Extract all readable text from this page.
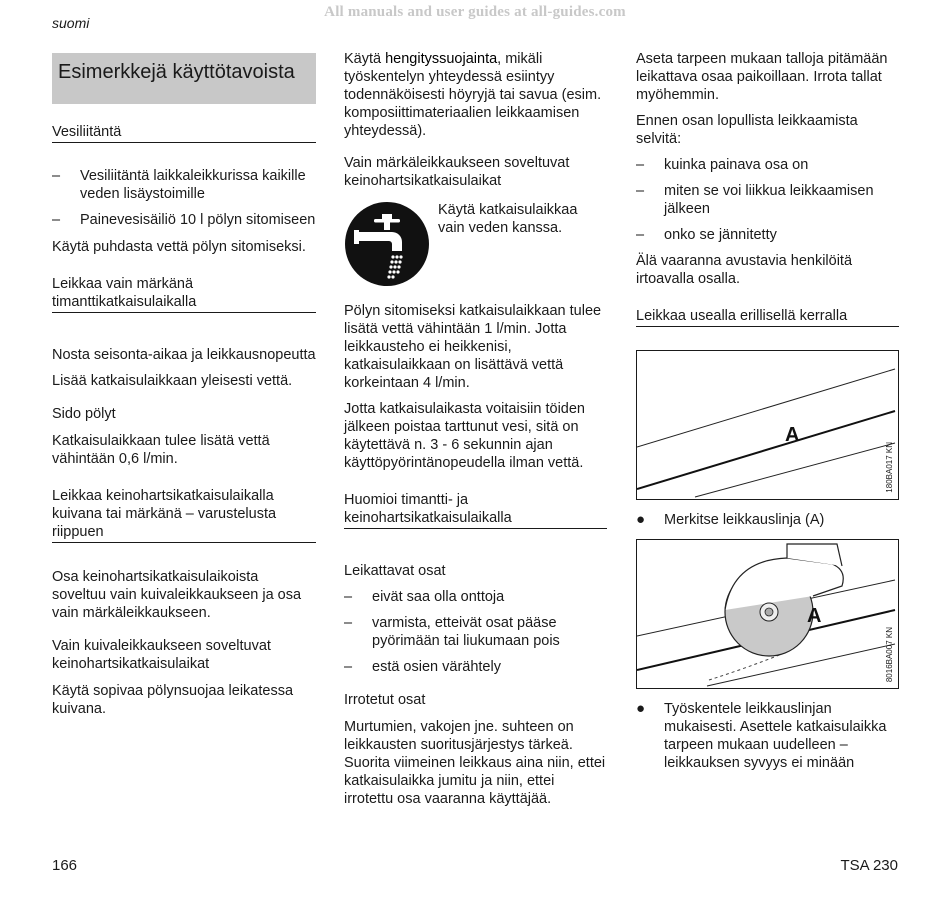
All manuals and user guides at all-guides.com
suomi
Esimerkkejä käyttötavoista

Vesiliitäntä

– Vesiliitäntä laikkaleikkurissa kaikille veden lisäystoimille
– Painevesisäiliö 10 l pölyn sitomiseen

Käytä puhdasta vettä pölyn sitomiseksi.

Leikkaa vain märkänä timanttikatkaisulaikalla

Nosta seisonta-aikaa ja leikkausnopeutta

Lisää katkaisulaikkaan yleisesti vettä.

Sido pölyt

Katkaisulaikkaan tulee lisätä vettä vähintään 0,6 l/min.

Leikkaa keinohartsikatkaisulaikalla kuivana tai märkänä – varustelusta riippuen

Osa keinohartsikatkaisulaikoista soveltuu vain kuivaleikkaukseen ja osa vain märkäleikkaukseen.

Vain kuivaleikkaukseen soveltuvat keinohartsikatkaisulaikat

Käytä sopivaa pölynsuojaa leikatessa kuivana.

Käytä hengityssuojainta, mikäli työskentelyn yhteydessä esiintyy todennäköisesti höyryjä tai savua (esim. komposiittimateriaalien leikkaamisen yhteydessä).

Vain märkäleikkaukseen soveltuvat keinohartsikatkaisulaikat

Käytä katkaisulaikkaa vain veden kanssa.

Pölyn sitomiseksi katkaisulaikkaan tulee lisätä vettä vähintään 1 l/min. Jotta leikkausteho ei heikkenisi, katkaisulaikkaan on lisättävä vettä korkeintaan 4 l/min.

Jotta katkaisulaikasta voitaisiin töiden jälkeen poistaa tarttunut vesi, sitä on käytettävä n. 3 - 6 sekunnin ajan käyttöpyörintänopeudella ilman vettä.

Huomioi timantti- ja keinohartsikatkaisulaikalla

Leikattavat osat

– eivät saa olla onttoja
– varmista, etteivät osat pääse pyörimään tai liukumaan pois
– estä osien värähtely

Irrotetut osat

Murtumien, vakojen jne. suhteen on leikkausten suoritusjärjestys tärkeä. Suorita viimeinen leikkaus aina niin, ettei katkaisulaikka jumitu ja niin, ettei irrotettu osa vaaranna käyttäjää.

Aseta tarpeen mukaan talloja pitämään leikattava osaa paikoillaan. Irrota tallat myöhemmin.

Ennen osan lopullista leikkaamista selvitä:

– kuinka painava osa on
– miten se voi liikkua leikkaamisen jälkeen
– onko se jännitetty

Älä vaaranna avustavia henkilöitä irtoavalla osalla.

Leikkaa usealla erillisellä kerralla

A
180BA017 KN
● Merkitse leikkauslinja (A)
A
8016BA007 KN
● Työskentele leikkauslinjan mukaisesti. Asettele katkaisulaikka tarpeen mukaan uudelleen – leikkauksen syvyys ei minään
166	TSA 230
